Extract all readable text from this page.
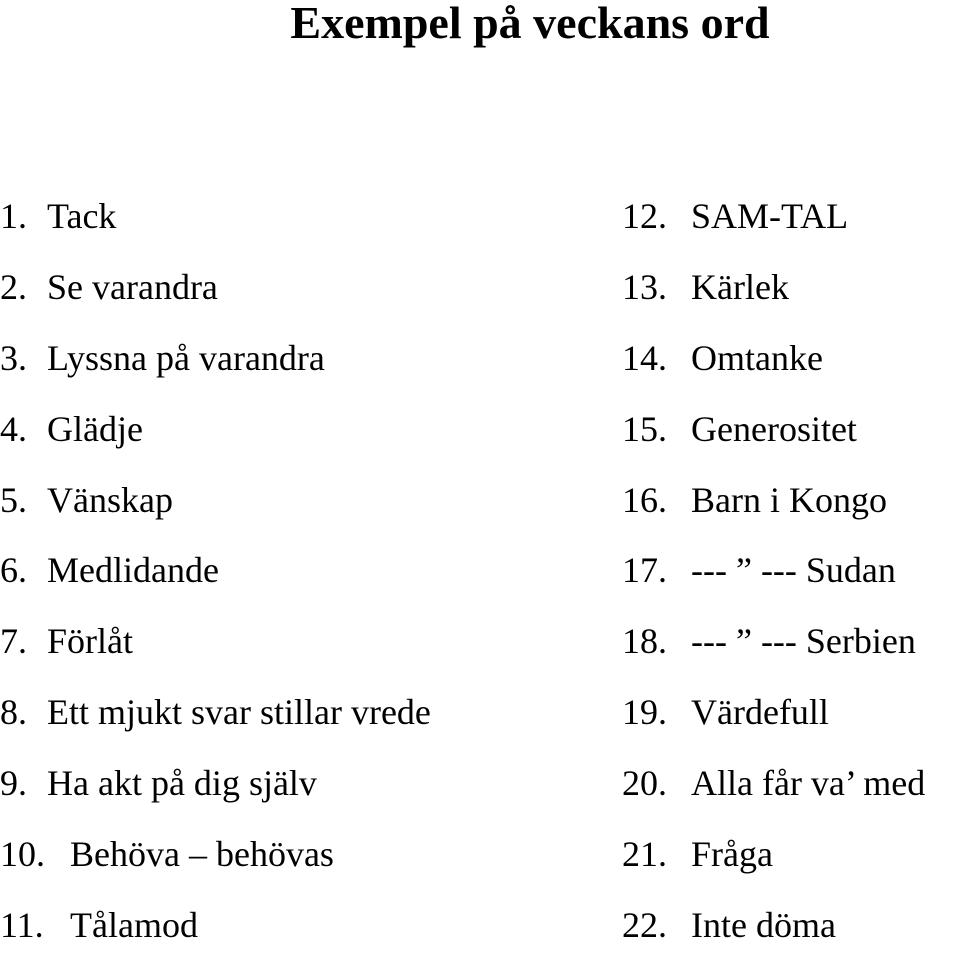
Exempel på veckans ord
1. Tack
2. Se varandra
3. Lyssna på varandra
4. Glädje
5. Vänskap
6. Medlidande
7. Förlåt
8. Ett mjukt svar stillar vrede
9. Ha akt på dig själv
10. Behöva – behövas
11. Tålamod
12. SAM-TAL
13. Kärlek
14. Omtanke
15. Generositet
16. Barn i Kongo
17. --- ” --- Sudan
18. --- ” --- Serbien
19. Värdefull
20. Alla får va’ med
21. Fråga
22. Inte döma
